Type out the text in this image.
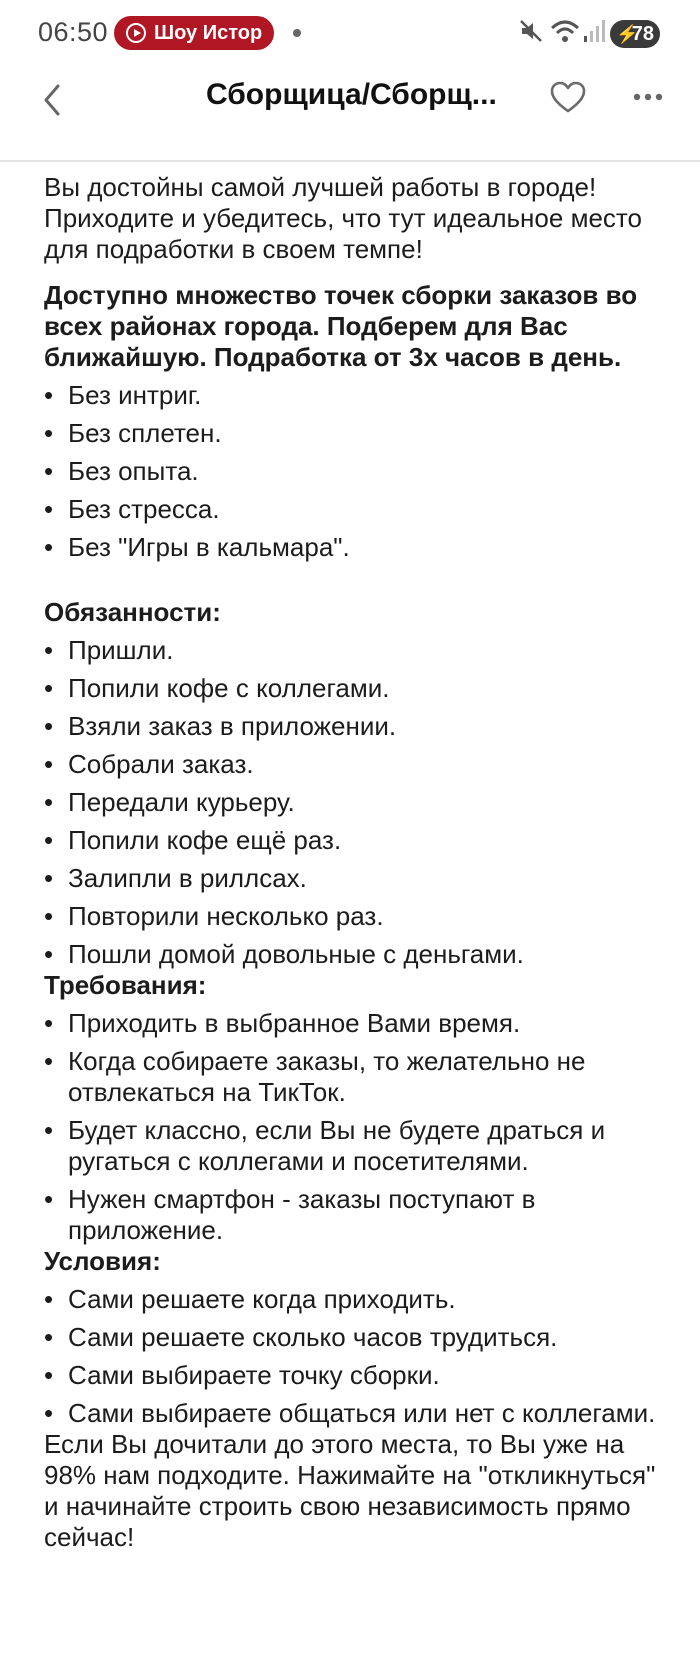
06:50 Шоу Истор	⚡
78
Сборщица/Сборщ...

Вы достойны самой лучшей работы в городе! Приходите и убедитесь, что тут идеальное место для подработки в своем темпе!

Доступно множество точек сборки заказов во всех районах города. Подберем для Вас ближайшую. Подработка от 3х часов в день.

• Без интриг.
• Без сплетен.
• Без опыта.
• Без стресса.
• Без "Игры в кальмара".

Обязанности:

• Пришли.
• Попили кофе с коллегами.
• Взяли заказ в приложении.
• Собрали заказ.
• Передали курьеру.
• Попили кофе ещё раз.
• Залипли в риллсах.
• Повторили несколько раз.
• Пошли домой довольные с деньгами.

Требования:

• Приходить в выбранное Вами время.
• Когда собираете заказы, то желательно не отвлекаться на ТикТок.
• Будет классно, если Вы не будете драться и ругаться с коллегами и посетителями.
• Нужен смартфон - заказы поступают в приложение.

Условия:

• Сами решаете когда приходить.
• Сами решаете сколько часов трудиться.
• Сами выбираете точку сборки.
• Сами выбираете общаться или нет с коллегами.

Если Вы дочитали до этого места, то Вы уже на 98% нам подходите. Нажимайте на "откликнуться" и начинайте строить свою независимость прямо сейчас!
